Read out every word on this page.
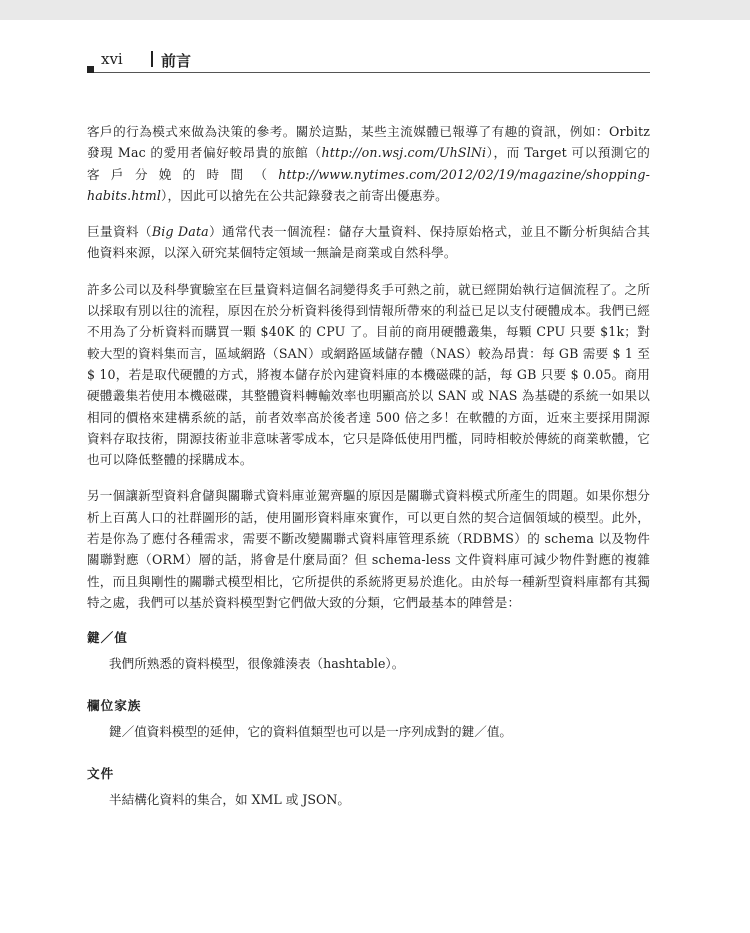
xvi	前言

客戶的行為模式來做為決策的參考。關於這點，某些主流媒體已報導了有趣的資訊，例如：Orbitz 發現 Mac 的愛用者偏好較昂貴的旅館（http://on.wsj.com/UhSlNi），而 Target 可以預測它的客戶分娩的時間（http://www.nytimes.com/2012/02/19/magazine/shopping-habits.html），因此可以搶先在公共記錄發表之前寄出優惠券。

巨量資料（Big Data）通常代表一個流程：儲存大量資料、保持原始格式，並且不斷分析與結合其他資料來源，以深入研究某個特定領域一無論是商業或自然科學。

許多公司以及科學實驗室在巨量資料這個名詞變得炙手可熱之前，就已經開始執行這個流程了。之所以採取有別以往的流程，原因在於分析資料後得到情報所帶來的利益已足以支付硬體成本。我們已經不用為了分析資料而購買一顆 $40K 的 CPU 了。目前的商用硬體叢集，每顆 CPU 只要 $1k；對較大型的資料集而言，區域網路（SAN）或網路區域儲存體（NAS）較為昂貴：每 GB 需要 $ 1 至 $ 10，若是取代硬體的方式，將複本儲存於內建資料庫的本機磁碟的話，每 GB 只要 $ 0.05。商用硬體叢集若使用本機磁碟，其整體資料轉輸效率也明顯高於以 SAN 或 NAS 為基礎的系統一如果以相同的價格來建構系統的話，前者效率高於後者達 500 倍之多！在軟體的方面，近來主要採用開源資料存取技術，開源技術並非意味著零成本，它只是降低使用門檻，同時相較於傳統的商業軟體，它也可以降低整體的採購成本。

另一個讓新型資料倉儲與關聯式資料庫並駕齊驅的原因是關聯式資料模式所產生的問題。如果你想分析上百萬人口的社群圖形的話，使用圖形資料庫來實作，可以更自然的契合這個領域的模型。此外，若是你為了應付各種需求，需要不斷改變關聯式資料庫管理系統（RDBMS）的 schema 以及物件關聯對應（ORM）層的話，將會是什麼局面？但 schema-less 文件資料庫可減少物件對應的複雜性，而且與剛性的關聯式模型相比，它所提供的系統將更易於進化。由於每一種新型資料庫都有其獨特之處，我們可以基於資料模型對它們做大致的分類，它們最基本的陣營是：

鍵／值
我們所熟悉的資料模型，很像雜湊表（hashtable）。
欄位家族
鍵／值資料模型的延伸，它的資料值類型也可以是一序列成對的鍵／值。
文件
半結構化資料的集合，如 XML 或 JSON。
